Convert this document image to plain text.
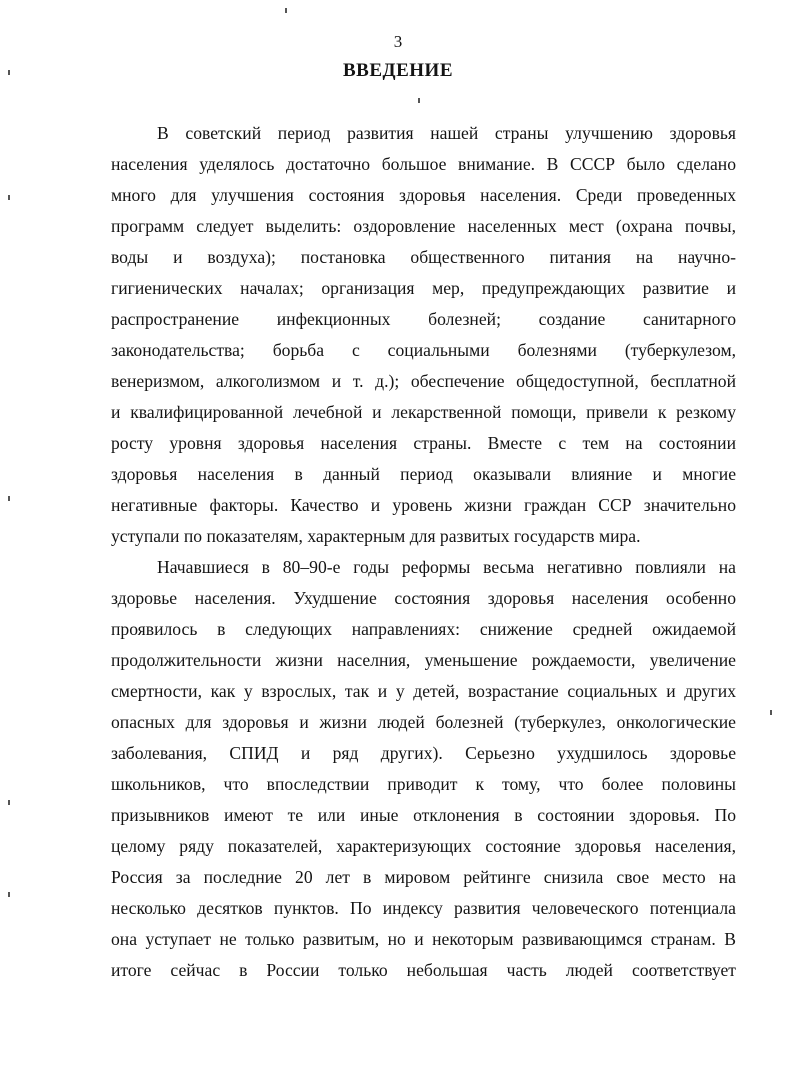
3
ВВЕДЕНИЕ
В советский период развития нашей страны улучшению здоровья
населения уделялось достаточно большое внимание. В СССР было сделано
много для улучшения состояния здоровья населения. Среди проведенных
программ следует выделить: оздоровление населенных мест (охрана почвы,
воды и воздуха); постановка общественного питания на научно-
гигиенических началах; организация мер, предупреждающих развитие и
распространение инфекционных болезней; создание санитарного
законодательства; борьба с социальными болезнями (туберкулезом,
венеризмом, алкоголизмом и т. д.); обеспечение общедоступной, бесплатной
и квалифицированной лечебной и лекарственной помощи, привели к резкому
росту уровня здоровья населения страны. Вместе с тем на состоянии
здоровья населения в данный период оказывали влияние и многие
негативные факторы. Качество и уровень жизни граждан ССР значительно
уступали по показателям, характерным для развитых государств мира.
Начавшиеся в 80–90-е годы реформы весьма негативно повлияли на
здоровье населения. Ухудшение состояния здоровья населения особенно
проявилось в следующих направлениях: снижение средней ожидаемой
продолжительности жизни населния, уменьшение рождаемости, увеличение
смертности, как у взрослых, так и у детей, возрастание социальных и других
опасных для здоровья и жизни людей болезней (туберкулез, онкологические
заболевания, СПИД и ряд других). Серьезно ухудшилось здоровье
школьников, что впоследствии приводит к тому, что более половины
призывников имеют те или иные отклонения в состоянии здоровья. По
целому ряду показателей, характеризующих состояние здоровья населения,
Россия за последние 20 лет в мировом рейтинге снизила свое место на
несколько десятков пунктов. По индексу развития человеческого потенциала
она уступает не только развитым, но и некоторым развивающимся странам. В
итоге сейчас в России только небольшая часть людей соответствует
